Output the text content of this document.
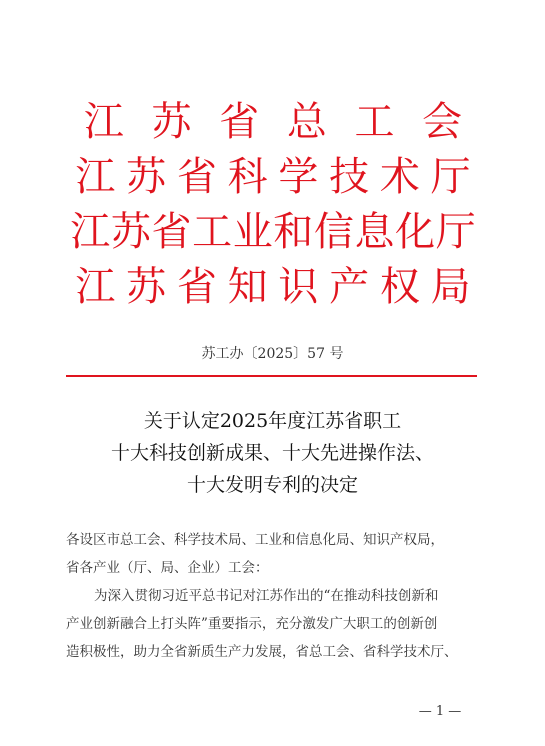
江 苏 省 总 工 会
江 苏 省 科 学 技 术 厅
江 苏 省 工 业 和 信 息 化 厅
江 苏 省 知 识 产 权 局
苏工办〔2025〕57 号
关于认定2025年度江苏省职工
十大科技创新成果、十大先进操作法、
十大发明专利的决定
各设区市总工会、科学技术局、工业和信息化局、知识产权局，
省各产业（厅、局、企业）工会：
为深入贯彻习近平总书记对江苏作出的“在推动科技创新和
产业创新融合上打头阵”重要指示，充分激发广大职工的创新创
造积极性，助力全省新质生产力发展，省总工会、省科学技术厅、
— 1 —
